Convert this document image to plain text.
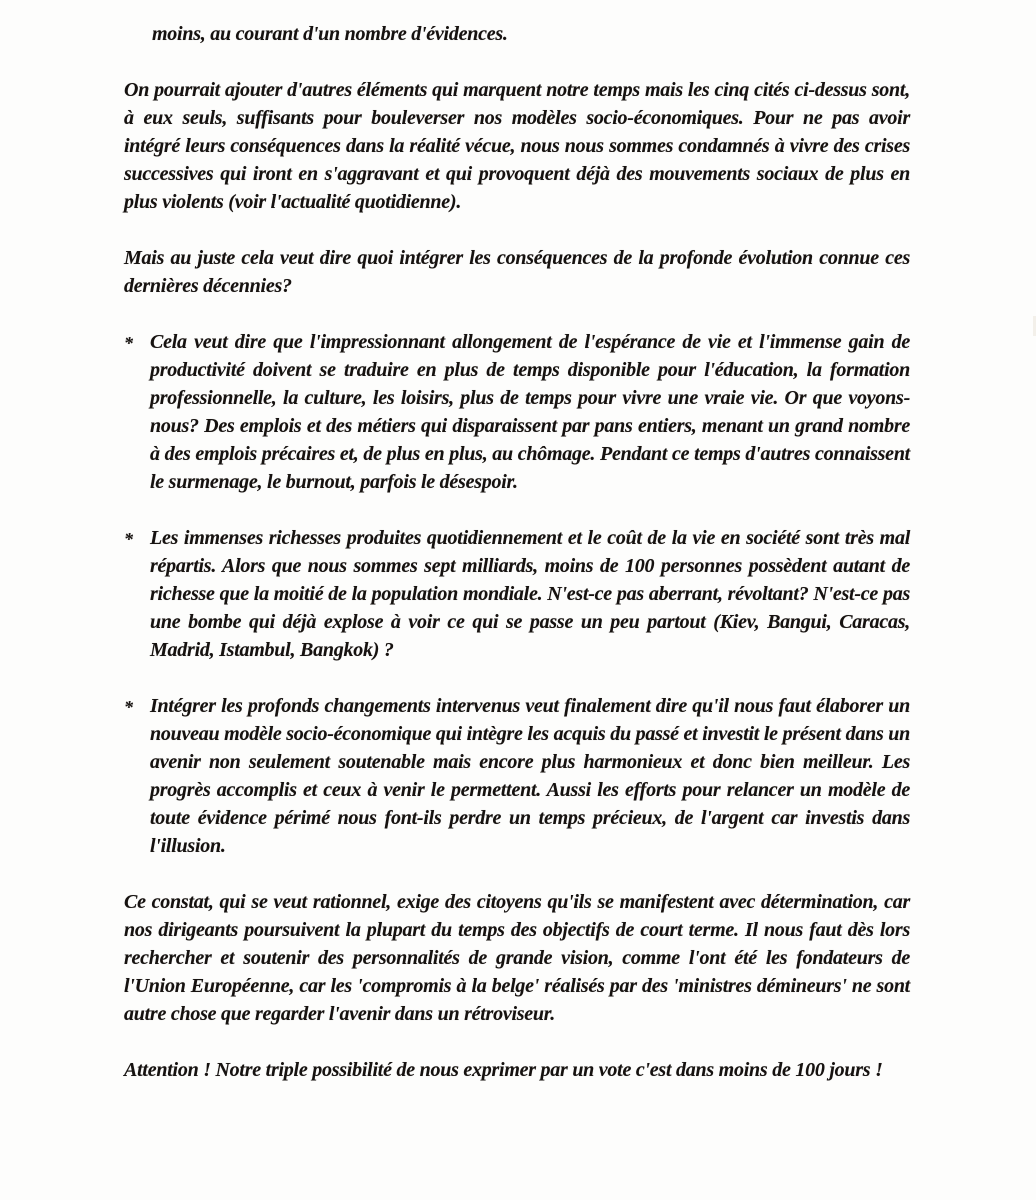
moins, au courant d'un nombre d'évidences.

On pourrait ajouter d'autres éléments qui marquent notre temps mais les cinq cités ci-dessus sont, à eux seuls, suffisants pour bouleverser nos modèles socio-économiques. Pour ne pas avoir intégré leurs conséquences dans la réalité vécue, nous nous sommes condamnés à vivre des crises successives qui iront en s'aggravant et qui provoquent déjà des mouvements sociaux de plus en plus violents (voir l'actualité quotidienne).

Mais au juste cela veut dire quoi intégrer les conséquences de la profonde évolution connue ces dernières décennies?

* Cela veut dire que l'impressionnant allongement de l'espérance de vie et l'immense gain de productivité doivent se traduire en plus de temps disponible pour l'éducation, la formation professionnelle, la culture, les loisirs, plus de temps pour vivre une vraie vie. Or que voyons-nous? Des emplois et des métiers qui disparaissent par pans entiers, menant un grand nombre à des emplois précaires et, de plus en plus, au chômage. Pendant ce temps d'autres connaissent le surmenage, le burnout, parfois le désespoir.

* Les immenses richesses produites quotidiennement et le coût de la vie en société sont très mal répartis. Alors que nous sommes sept milliards, moins de 100 personnes possèdent autant de richesse que la moitié de la population mondiale. N'est-ce pas aberrant, révoltant? N'est-ce pas une bombe qui déjà explose à voir ce qui se passe un peu partout (Kiev, Bangui, Caracas, Madrid, Istambul, Bangkok) ?

* Intégrer les profonds changements intervenus veut finalement dire qu'il nous faut élaborer un nouveau modèle socio-économique qui intègre les acquis du passé et investit le présent dans un avenir non seulement soutenable mais encore plus harmonieux et donc bien meilleur. Les progrès accomplis et ceux à venir le permettent. Aussi les efforts pour relancer un modèle de toute évidence périmé nous font-ils perdre un temps précieux, de l'argent car investis dans l'illusion.

Ce constat, qui se veut rationnel, exige des citoyens qu'ils se manifestent avec détermination, car nos dirigeants poursuivent la plupart du temps des objectifs de court terme. Il nous faut dès lors rechercher et soutenir des personnalités de grande vision, comme l'ont été les fondateurs de l'Union Européenne, car les 'compromis à la belge' réalisés par des 'ministres démineurs' ne sont autre chose que regarder l'avenir dans un rétroviseur.

Attention ! Notre triple possibilité de nous exprimer par un vote c'est dans moins de 100 jours !
